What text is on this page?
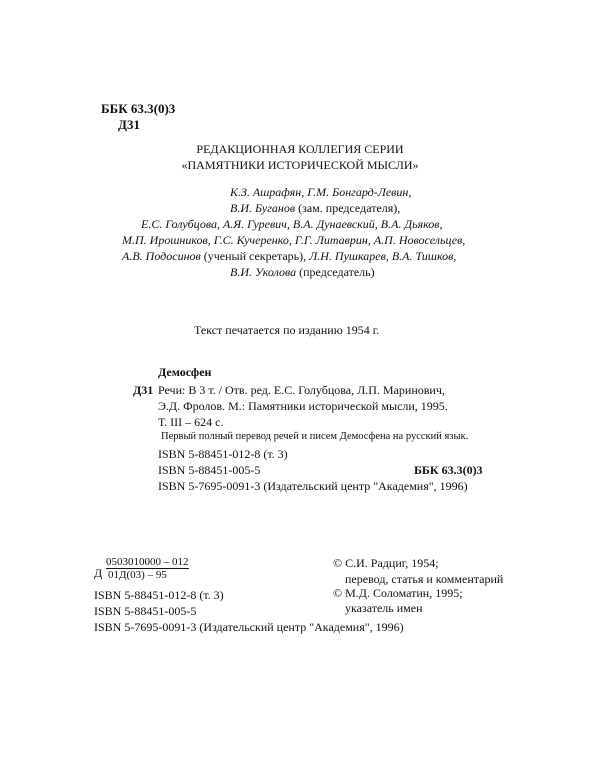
ББК 63.3(0)3
Д31
РЕДАКЦИОННАЯ КОЛЛЕГИЯ СЕРИИ
«ПАМЯТНИКИ ИСТОРИЧЕСКОЙ МЫСЛИ»
К.З. Ашрафян, Г.М. Бонгард-Левин,
В.И. Буганов (зам. председателя),
Е.С. Голубцова, А.Я. Гуревич, В.А. Дунаевский, В.А. Дьяков,
М.П. Ирошников, Г.С. Кучеренко, Г.Г. Литаврин, А.П. Новосельцев,
А.В. Подосинов (ученый секретарь), Л.Н. Пушкарев, В.А. Тишков,
В.И. Уколова (председатель)
Текст печатается по изданию 1954 г.
Демосфен
Д31 Речи: В 3 т. / Отв. ред. Е.С. Голубцова, Л.П. Маринович,
Э.Д. Фролов. М.: Памятники исторической мысли, 1995.
Т. III – 624 с.
Первый полный перевод речей и писем Демосфена на русский язык.
ISBN 5-88451-012-8 (т. 3)
ISBN 5-88451-005-5	ББК 63.3(0)3
ISBN 5-7695-0091-3 (Издательский центр "Академия", 1996)
Д
0503010000 – 012
01Д(03) – 95
ISBN 5-88451-012-8 (т. 3)
ISBN 5-88451-005-5
ISBN 5-7695-0091-3 (Издательский центр "Академия", 1996)
© С.И. Радциг, 1954;
перевод, статья и комментарий
© М.Д. Соломатин, 1995;
указатель имен
